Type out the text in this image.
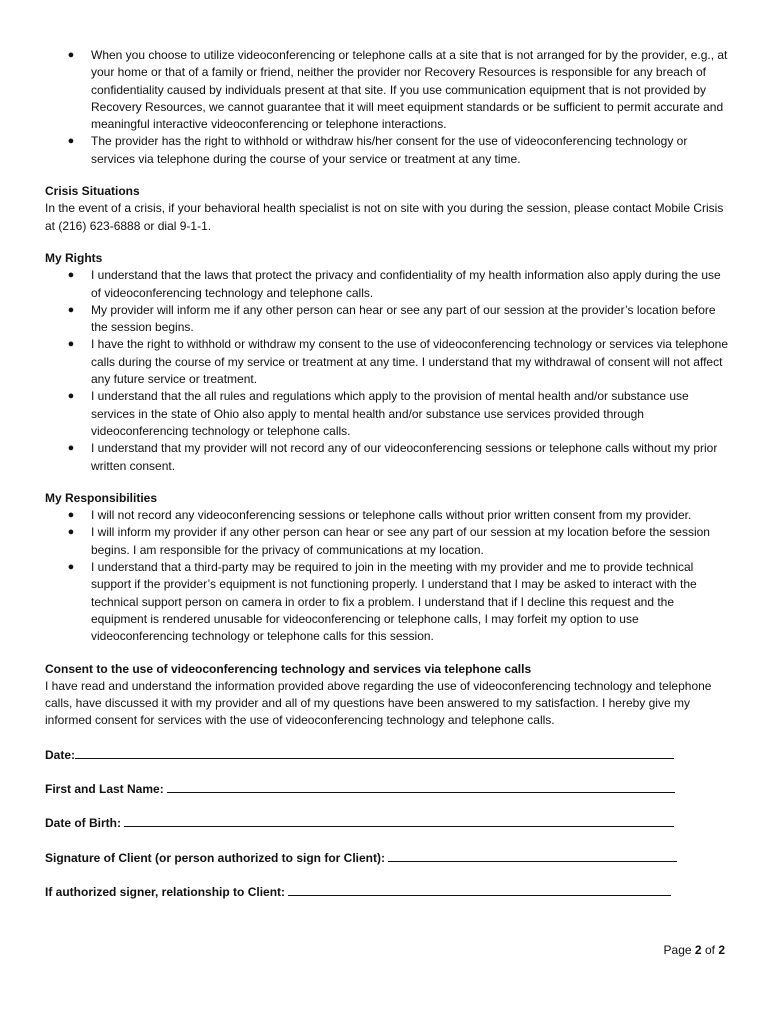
● When you choose to utilize videoconferencing or telephone calls at a site that is not arranged for by the provider, e.g., at your home or that of a family or friend, neither the provider nor Recovery Resources is responsible for any breach of confidentiality caused by individuals present at that site. If you use communication equipment that is not provided by Recovery Resources, we cannot guarantee that it will meet equipment standards or be sufficient to permit accurate and meaningful interactive videoconferencing or telephone interactions.
● The provider has the right to withhold or withdraw his/her consent for the use of videoconferencing technology or services via telephone during the course of your service or treatment at any time.
Crisis Situations

In the event of a crisis, if your behavioral health specialist is not on site with you during the session, please contact Mobile Crisis at (216) 623-6888 or dial 9-1-1.

My Rights
● I understand that the laws that protect the privacy and confidentiality of my health information also apply during the use of videoconferencing technology and telephone calls.
● My provider will inform me if any other person can hear or see any part of our session at the provider’s location before the session begins.
● I have the right to withhold or withdraw my consent to the use of videoconferencing technology or services via telephone calls during the course of my service or treatment at any time. I understand that my withdrawal of consent will not affect any future service or treatment.
● I understand that the all rules and regulations which apply to the provision of mental health and/or substance use services in the state of Ohio also apply to mental health and/or substance use services provided through videoconferencing technology or telephone calls.
● I understand that my provider will not record any of our videoconferencing sessions or telephone calls without my prior written consent.
My Responsibilities
● I will not record any videoconferencing sessions or telephone calls without prior written consent from my provider.
● I will inform my provider if any other person can hear or see any part of our session at my location before the session begins. I am responsible for the privacy of communications at my location.
● I understand that a third-party may be required to join in the meeting with my provider and me to provide technical support if the provider’s equipment is not functioning properly. I understand that I may be asked to interact with the technical support person on camera in order to fix a problem. I understand that if I decline this request and the equipment is rendered unusable for videoconferencing or telephone calls, I may forfeit my option to use videoconferencing technology or telephone calls for this session.
Consent to the use of videoconferencing technology and services via telephone calls

I have read and understand the information provided above regarding the use of videoconferencing technology and telephone calls, have discussed it with my provider and all of my questions have been answered to my satisfaction. I hereby give my informed consent for services with the use of videoconferencing technology and telephone calls.

Date:
First and Last Name:
Date of Birth:
Signature of Client (or person authorized to sign for Client):
If authorized signer, relationship to Client:
Page 2 of 2
